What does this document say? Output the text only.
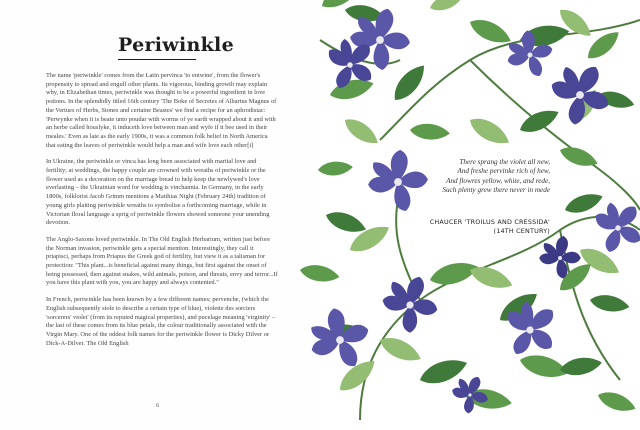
Periwinkle

The name 'periwinkle' comes from the Latin pervinca 'to entwine', from the flower's propensity to spread and engulf other plants. Its vigorous, binding growth may explain why, in Elizabethan times, periwinkle was thought to be a powerful ingredient in love potions. In the splendidly titled 16th century 'The Boke of Secretes of Albartus Magnus of the Vertues of Herbs, Stones and certaine Beastes' we find a recipe for an aphrodisiac: 'Perwynke when it is beate unto poudar with worms of ye earth wrapped about it and with an herbe called houslyke, it induceth love between man and wyfe if it bee used in their meales.' Even as late as the early 1900s, it was a common folk belief in North America that eating the leaves of periwinkle would help a man and wife love each other[i]

In Ukraine, the periwinkle or vinca has long been associated with marital love and fertility; at weddings, the happy couple are crowned with wreaths of periwinkle or the flower used as a decoration on the marriage bread to help keep the newlywed's love everlasting – the Ukrainian word for wedding is vinchannia. In Germany, in the early 1800s, folklorist Jacob Grimm mentions a Matthias Night (February 24th) tradition of young girls plaiting periwinkle wreaths to symbolise a forthcoming marriage, while in Victorian floral language a sprig of periwinkle flowers showed someone your unending devotion.

The Anglo-Saxons loved periwinkle. In The Old English Herbarium, written just before the Norman invasion, periwinkle gets a special mention. Interestingly, they call it priapisci, perhaps from Priapus the Greek god of fertility, but view it as a talisman for protection: "This plant...is beneficial against many things, but first against the onset of being possessed, then against snakes, wild animals, poison, and threats, envy and terror...If you have this plant with you, you are happy and always contented."

In French, periwinkle has been known by a few different names; pervenche, (which the English subsequently stole to describe a certain type of blue), violette des sorciers 'sorcerers' violet' (from its reputed magical properties), and pucelage meaning 'virginity' – the last of these comes from its blue petals, the colour traditionally associated with the Virgin Mary. One of the oddest folk names for the periwinkle flower is Dicky Dilver or Dick-A-Dilver. The Old English

6
There sprang the violet all new,
And freshe pervinke rich of hew,
And flowres yellow, white, and rede,
Such plenty grew there never in mede
CHAUCER 'TROILUS AND CRESSIDA'
(14TH CENTURY)
